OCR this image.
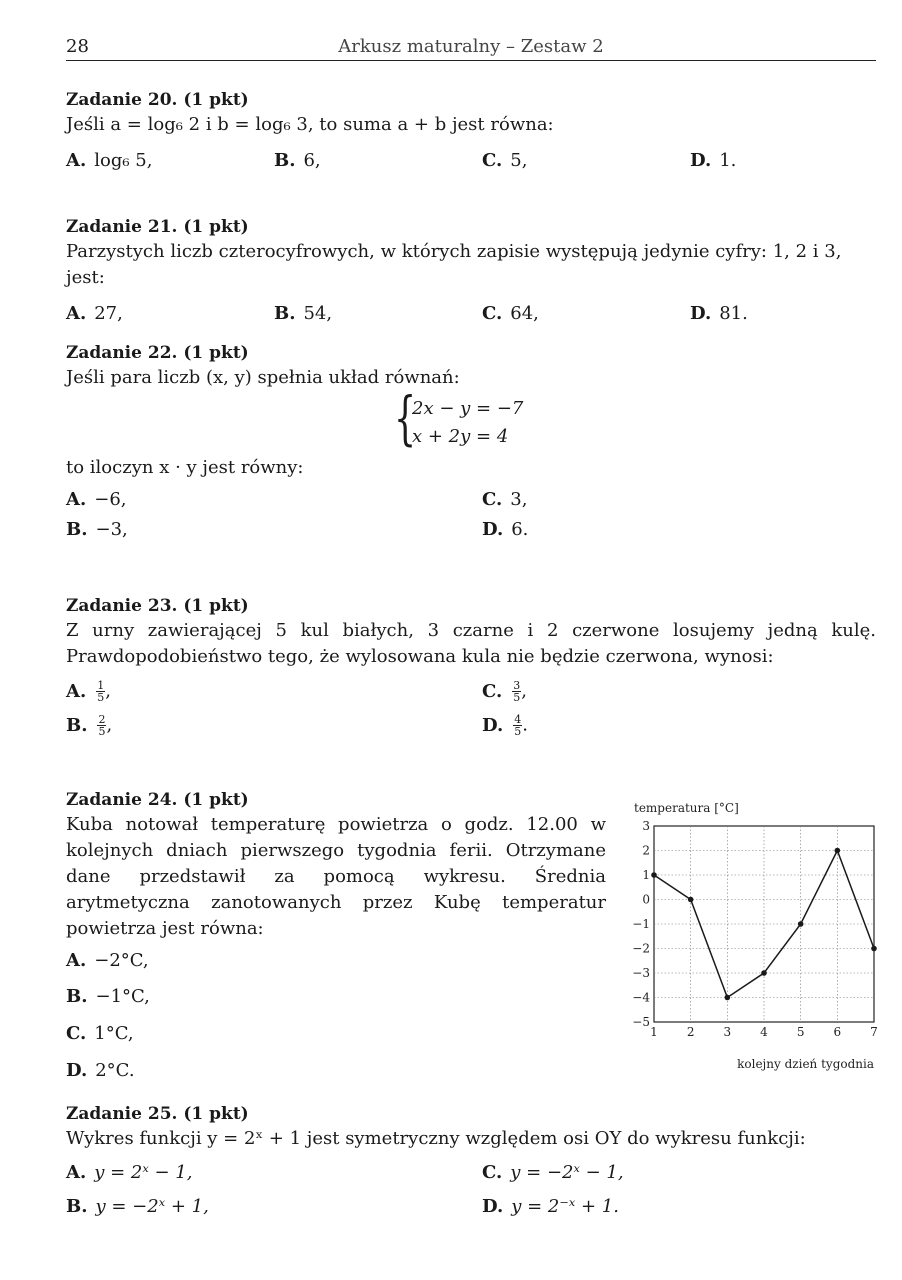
28	Arkusz maturalny – Zestaw 2
Zadanie 20. (1 pkt)
Jeśli a = log₆ 2 i b = log₆ 3, to suma a + b jest równa:
A. log₆ 5,	B. 6,	C. 5,	D. 1.
Zadanie 21. (1 pkt)
Parzystych liczb czterocyfrowych, w których zapisie występują jedynie cyfry: 1, 2 i 3, jest:
A. 27,	B. 54,	C. 64,	D. 81.
Zadanie 22. (1 pkt)
Jeśli para liczb (x, y) spełnia układ równań:
{
2x − y = −7
x + 2y = 4
to iloczyn x · y jest równy:
A. −6,
B. −3,
C. 3,
D. 6.
Zadanie 23. (1 pkt)
Z urny zawierającej 5 kul białych, 3 czarne i 2 czerwone losujemy jedną kulę. Prawdopodobieństwo tego, że wylosowana kula nie będzie czerwona, wynosi:
A. $\frac{1}{5}$ ,
B. $\frac{2}{5}$ ,
C. $\frac{3}{5}$ ,
D. $\frac{4}{5}$ .
Zadanie 24. (1 pkt)
Kuba notował temperaturę powietrza o godz. 12.00 w kolejnych dniach pierwszego tygodnia ferii. Otrzymane dane przedstawił za pomocą wykresu. Średnia arytmetyczna zanotowanych przez Kubę temperatur powietrza jest równa:
A. −2°C,
B. −1°C,
C. 1°C,
D. 2°C.
temperatura [°C]
3
2
1
0
−1
−2
−3
−4
−5
1 2 3 4 5 6 7
kolejny dzień tygodnia
Zadanie 25. (1 pkt)
Wykres funkcji y = 2ˣ + 1 jest symetryczny względem osi OY do wykresu funkcji:
A. y = 2ˣ − 1,
B. y = −2ˣ + 1,
C. y = −2ˣ − 1,
D. y = 2⁻ˣ + 1.
